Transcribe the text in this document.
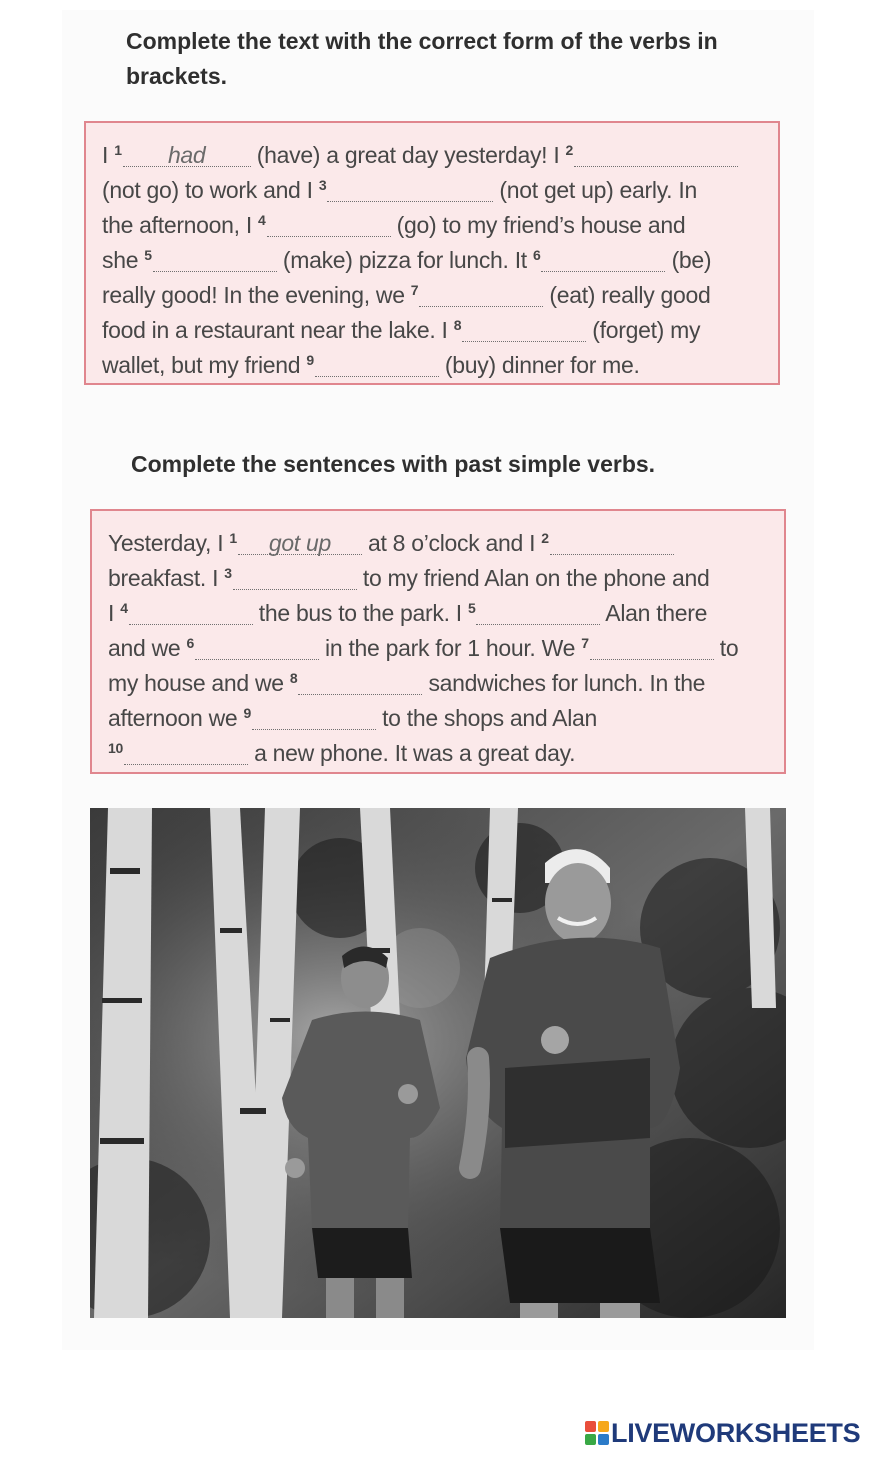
Complete the text with the correct form of the verbs in brackets.
I $^1$ had (have) a great day yesterday! I $^2$
(not go) to work and I $^3$	(not get up) early. In
the afternoon, I $^4$	(go) to my friend’s house and
she $^5$	(make) pizza for lunch. It $^6$	(be)
really good! In the evening, we $^7$	(eat) really good
food in a restaurant near the lake. I $^8$	(forget) my
wallet, but my friend $^9$	(buy) dinner for me.
Complete the sentences with past simple verbs.
Yesterday, I $^1$ got up at 8 o’clock and I $^2$
breakfast. I $^3$	to my friend Alan on the phone and
I $^4$	the bus to the park. I $^5$	Alan there
and we $^6$	in the park for 1 hour. We $^7$	to
my house and we $^8$	sandwiches for lunch. In the
afternoon we $^9$	to the shops and Alan
$^{10}$	a new phone. It was a great day.
LIVEWORKSHEETS
